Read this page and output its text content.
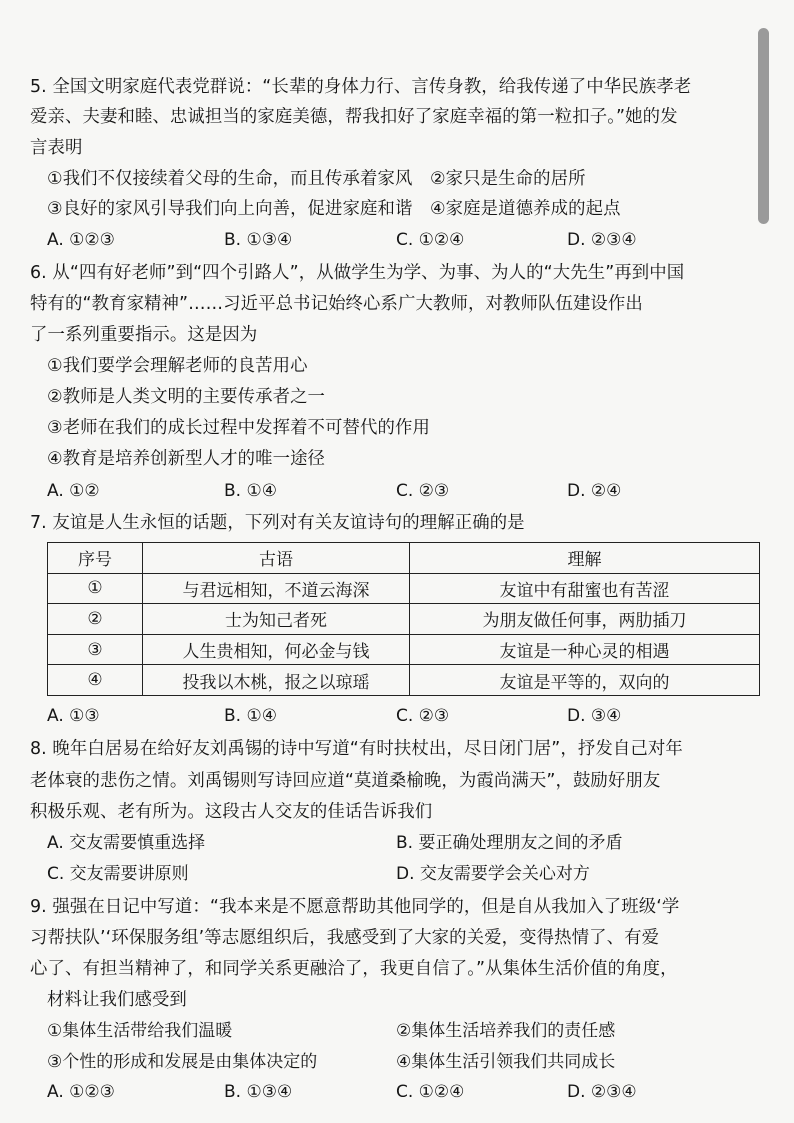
5. 全国文明家庭代表党群说：“长辈的身体力行、言传身教，给我传递了中华民族孝老
爱亲、夫妻和睦、忠诚担当的家庭美德，帮我扣好了家庭幸福的第一粒扣子。”她的发
言表明
①我们不仅接续着父母的生命，而且传承着家风　②家只是生命的居所
③良好的家风引导我们向上向善，促进家庭和谐　④家庭是道德养成的起点
A. ①②③	B. ①③④	C. ①②④	D. ②③④
6. 从“四有好老师”到“四个引路人”，从做学生为学、为事、为人的“大先生”再到中国
特有的“教育家精神”……习近平总书记始终心系广大教师，对教师队伍建设作出
了一系列重要指示。这是因为
①我们要学会理解老师的良苦用心
②教师是人类文明的主要传承者之一
③老师在我们的成长过程中发挥着不可替代的作用
④教育是培养创新型人才的唯一途径
A. ①②	B. ①④	C. ②③	D. ②④
7. 友谊是人生永恒的话题，下列对有关友谊诗句的理解正确的是
序号	古语	理解
①	与君远相知，不道云海深	友谊中有甜蜜也有苦涩
②	士为知己者死	为朋友做任何事，两肋插刀
③	人生贵相知，何必金与钱	友谊是一种心灵的相遇
④	投我以木桃，报之以琼瑶	友谊是平等的，双向的
A. ①③	B. ①④	C. ②③	D. ③④
8. 晚年白居易在给好友刘禹锡的诗中写道“有时扶杖出，尽日闭门居”，抒发自己对年
老体衰的悲伤之情。刘禹锡则写诗回应道“莫道桑榆晚，为霞尚满天”，鼓励好朋友
积极乐观、老有所为。这段古人交友的佳话告诉我们
A. 交友需要慎重选择	B. 要正确处理朋友之间的矛盾
C. 交友需要讲原则	D. 交友需要学会关心对方
9. 强强在日记中写道：“我本来是不愿意帮助其他同学的，但是自从我加入了班级‘学
习帮扶队’‘环保服务组’等志愿组织后，我感受到了大家的关爱，变得热情了、有爱
心了、有担当精神了，和同学关系更融洽了，我更自信了。”从集体生活价值的角度，
材料让我们感受到
①集体生活带给我们温暖	②集体生活培养我们的责任感
③个性的形成和发展是由集体决定的	④集体生活引领我们共同成长
A. ①②③	B. ①③④	C. ①②④	D. ②③④
